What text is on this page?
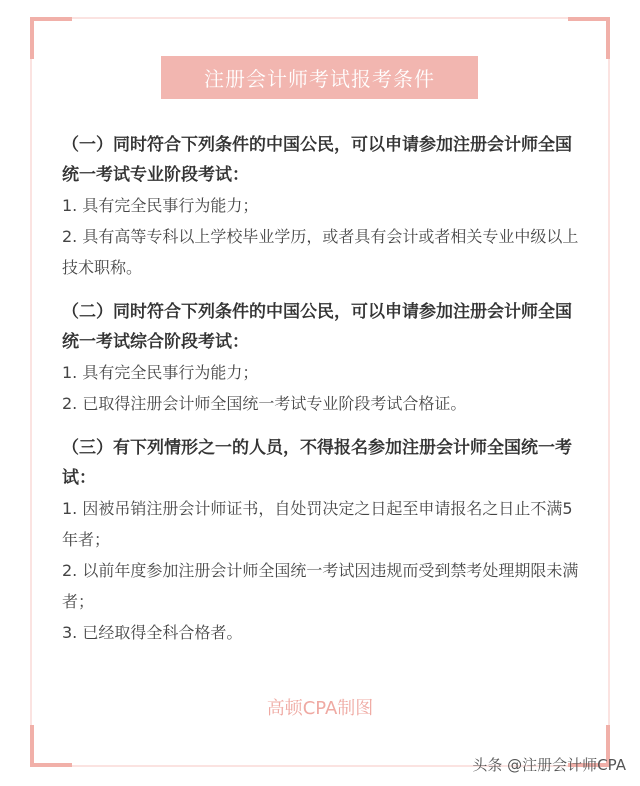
注册会计师考试报考条件
（一）同时符合下列条件的中国公民，可以申请参加注册会计师全国统一考试专业阶段考试：
1. 具有完全民事行为能力；
2. 具有高等专科以上学校毕业学历，或者具有会计或者相关专业中级以上技术职称。
（二）同时符合下列条件的中国公民，可以申请参加注册会计师全国统一考试综合阶段考试：
1. 具有完全民事行为能力；
2. 已取得注册会计师全国统一考试专业阶段考试合格证。
（三）有下列情形之一的人员，不得报名参加注册会计师全国统一考试：
1. 因被吊销注册会计师证书，自处罚决定之日起至申请报名之日止不满5年者；
2. 以前年度参加注册会计师全国统一考试因违规而受到禁考处理期限未满者；
3. 已经取得全科合格者。
高顿CPA制图
头条 @注册会计师CPA
